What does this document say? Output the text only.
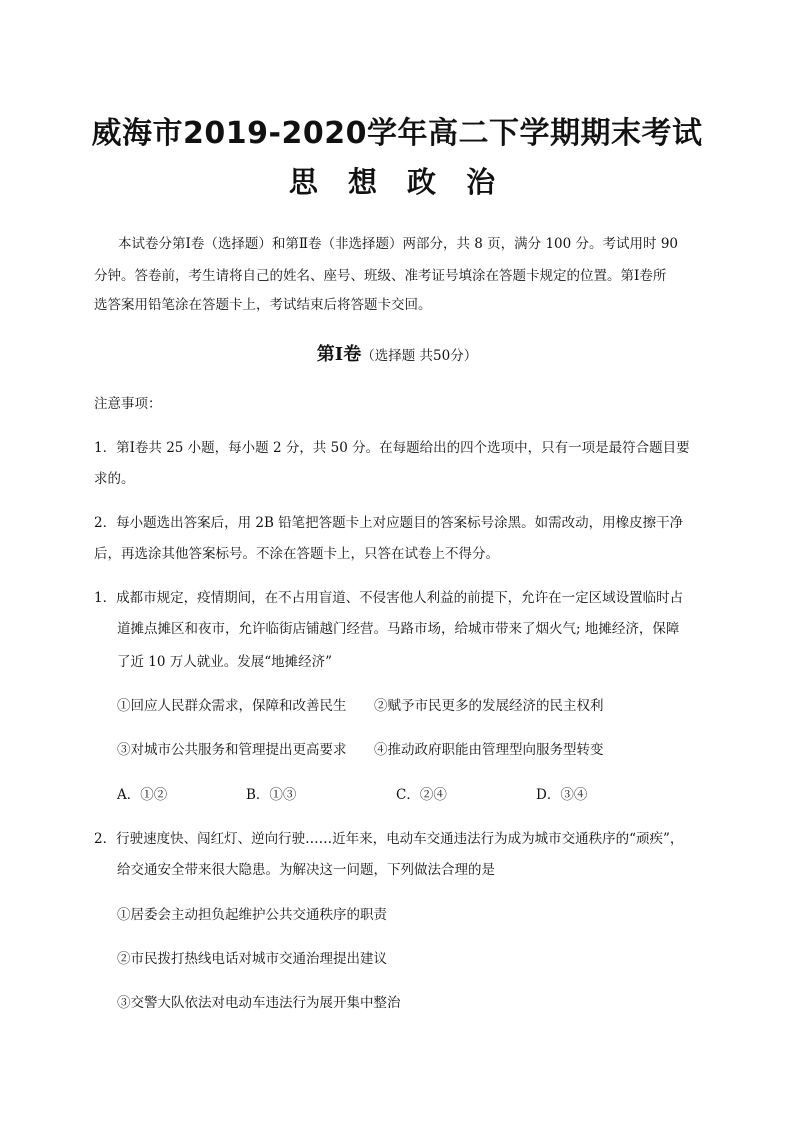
威海市2019-2020学年高二下学期期末考试
思 想 政 治
本试卷分第Ⅰ卷（选择题）和第Ⅱ卷（非选择题）两部分，共 8 页，满分 100 分。考试用时 90
分钟。答卷前，考生请将自己的姓名、座号、班级、准考证号填涂在答题卡规定的位置。第Ⅰ卷所
选答案用铅笔涂在答题卡上，考试结束后将答题卡交回。
第Ⅰ卷（选择题 共50分）
注意事项：
1．第Ⅰ卷共 25 小题，每小题 2 分，共 50 分。在每题给出的四个选项中，只有一项是最符合题目要
求的。
2．每小题选出答案后，用 2B 铅笔把答题卡上对应题目的答案标号涂黑。如需改动，用橡皮擦干净
后，再选涂其他答案标号。不涂在答题卡上，只答在试卷上不得分。
1．成都市规定，疫情期间，在不占用盲道、不侵害他人利益的前提下，允许在一定区域设置临时占
道摊点摊区和夜市，允许临街店铺越门经营。马路市场，给城市带来了烟火气; 地摊经济，保障
了近 10 万人就业。发展“地摊经济”
①回应人民群众需求，保障和改善民生 ②赋予市民更多的发展经济的民主权利
③对城市公共服务和管理提出更高要求 ④推动政府职能由管理型向服务型转变
A．①②	B．①③	C．②④	D．③④
2．行驶速度快、闯红灯、逆向行驶……近年来，电动车交通违法行为成为城市交通秩序的“顽疾”，
给交通安全带来很大隐患。为解决这一问题，下列做法合理的是
①居委会主动担负起维护公共交通秩序的职责
②市民拨打热线电话对城市交通治理提出建议
③交警大队依法对电动车违法行为展开集中整治
